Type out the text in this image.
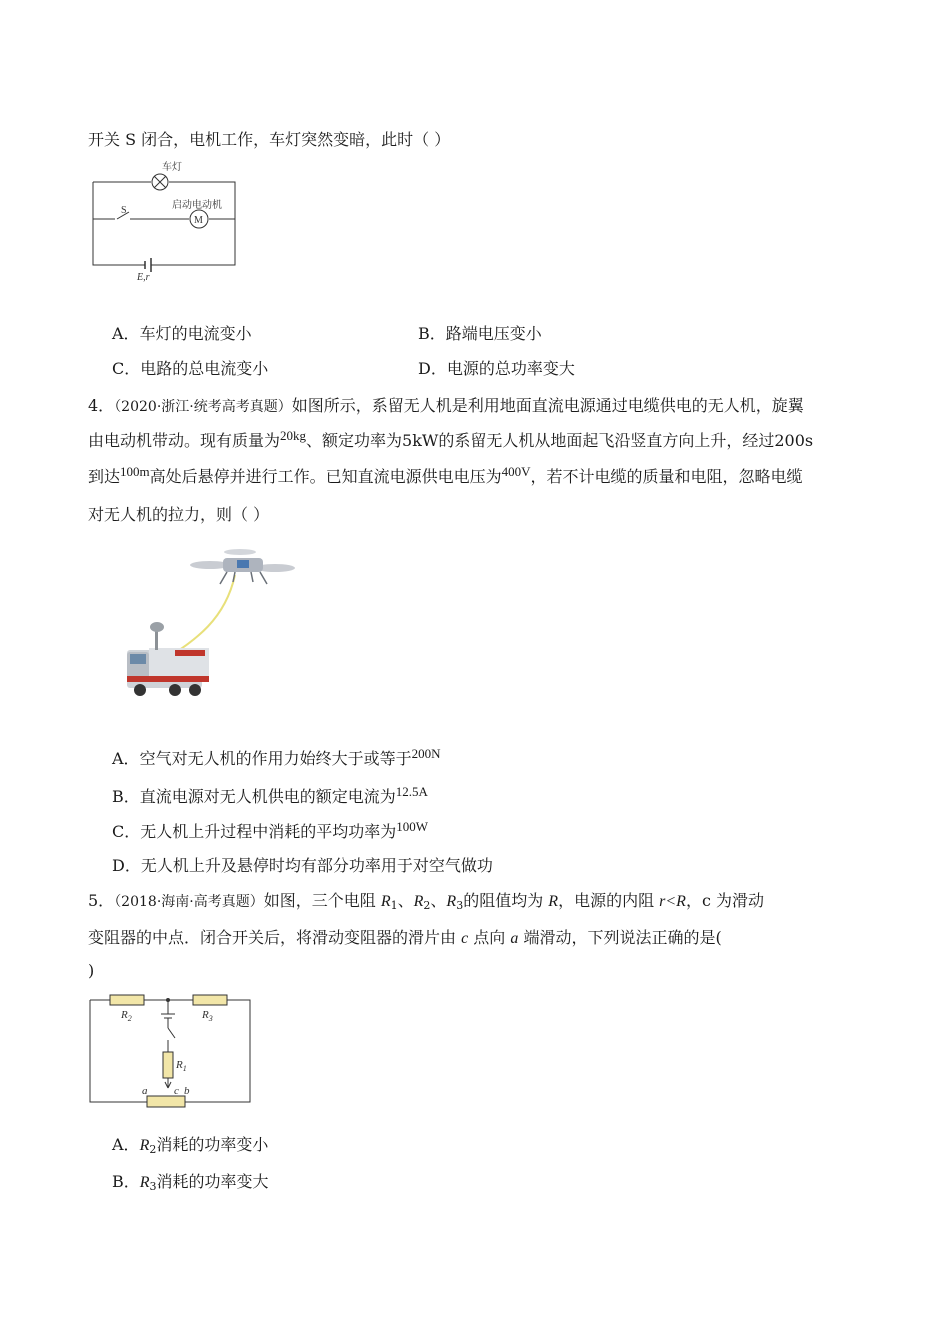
开关 S 闭合，电机工作，车灯突然变暗，此时（ ）
车灯
S	启动电动机
M
E,r
A．车灯的电流变小	B．路端电压变小
C．电路的总电流变小	D．电源的总功率变大
4．（2020·浙江·统考高考真题）如图所示，系留无人机是利用地面直流电源通过电缆供电的无人机，旋翼
由电动机带动。现有质量为$^{20kg}$、额定功率为5kW的系留无人机从地面起飞沿竖直方向上升，经过200s
到达$^{100m}$高处后悬停并进行工作。已知直流电源供电电压为$^{400V}$，若不计电缆的质量和电阻，忽略电缆
对无人机的拉力，则（ ）
A．空气对无人机的作用力始终大于或等于$^{200N}$
B．直流电源对无人机供电的额定电流为$^{12.5A}$
C．无人机上升过程中消耗的平均功率为$^{100W}$
D．无人机上升及悬停时均有部分功率用于对空气做功
5．（2018·海南·高考真题）如图，三个电阻 R1、R2、R3的阻值均为 R，电源的内阻 r<R，c 为滑动
变阻器的中点．闭合开关后，将滑动变阻器的滑片由 c 点向 a 端滑动，下列说法正确的是(
)
$R_2$	$R_3$
$R_1$
a c b
A．R2消耗的功率变小
B．R3消耗的功率变大
